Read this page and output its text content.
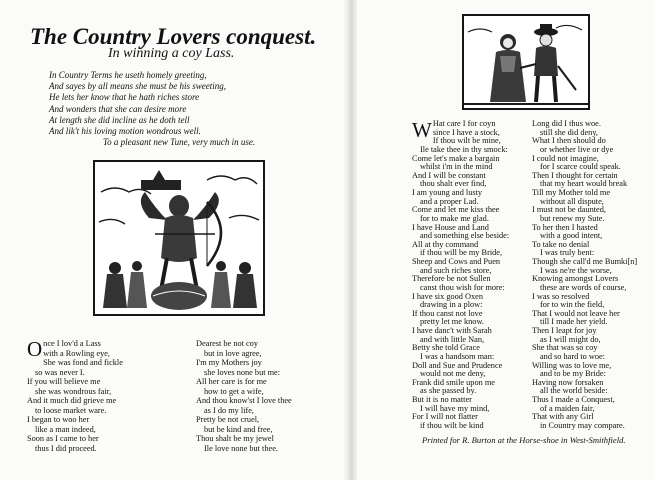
The Country Lovers conquest.
In winning a coy Lass.
In Country Terms he useth homely greeting,
And sayes by all means she must be his sweeting,
He lets her know that he hath riches store
And wonders that she can desire more
At length she did incline as he doth tell
And lik't his loving motion wondrous well.
To a pleasant new Tune, very much in use.
O nce I lov'd a Lass
with a Rowling eye,
She was fond and fickle
so was never I.
If you will believe me
she was wondrous fair,
And it much did grieve me
to loose market ware.
I began to woo her
like a man indeed,
Soon as I came to her
thus I did proceed.
Dearest be not coy
but in love agree,
I'm my Mothers joy
she loves none but me:
All her care is for me
how to get a wife,
And thou know'st I love thee
as I do my life,
Pretty be not cruel,
but be kind and free,
Thou shalt be my jewel
Ile love none but thee.
W Hat care I for coyn
since I have a stock,
If thou wilt be mine,
Ile take thee in thy smock:
Come let's make a bargain
whilst i'm in the mind
And I will be constant
thou shalt ever find,
I am young and lusty
and a proper Lad.
Come and let me kiss thee
for to make me glad.
I have House and Land
and something else beside:
All at thy command
if thou will be my Bride,
Sheep and Cows and Puen
and such riches store,
Therefore be not Sullen
canst thou wish for more:
I have six good Oxen
drawing in a plow:
If thou canst not love
pretty let me know.
I have danc't with Sarah
and with little Nan,
Betty she told Grace
I was a handsom man:
Doll and Sue and Prudence
would not me deny,
Frank did smile upon me
as she passed by.
But it is no matter
I will have my mind,
For I will not flatter
if thou wilt be kind
Long did I thus woe.
still she did deny,
What I then should do
or whether live or dye
I could not imagine,
for I scarce could speak.
Then I thought for certain
that my heart would break
Till my Mother told me
without all dispute,
I must not be daunted,
but renew my Sute.
To her then I hasted
with a good intent,
To take no denial
I was truly bent:
Though she call'd me Bumki[n]
I was ne're the worse,
Knowing amongst Lovers
these are words of course,
I was so resolved
for to win the field,
That I would not leave her
till I made her yield.
Then I leapt for joy
as I will might do,
She that was so coy
and so hard to woe:
Willing was to love me,
and to be my Bride:
Having now forsaken
all the world beside:
Thus I made a Conquest,
of a maiden fair,
That with any Girl
in Country may compare.
Printed for R. Burton at the Horse-shoe in West-Smithfield.
